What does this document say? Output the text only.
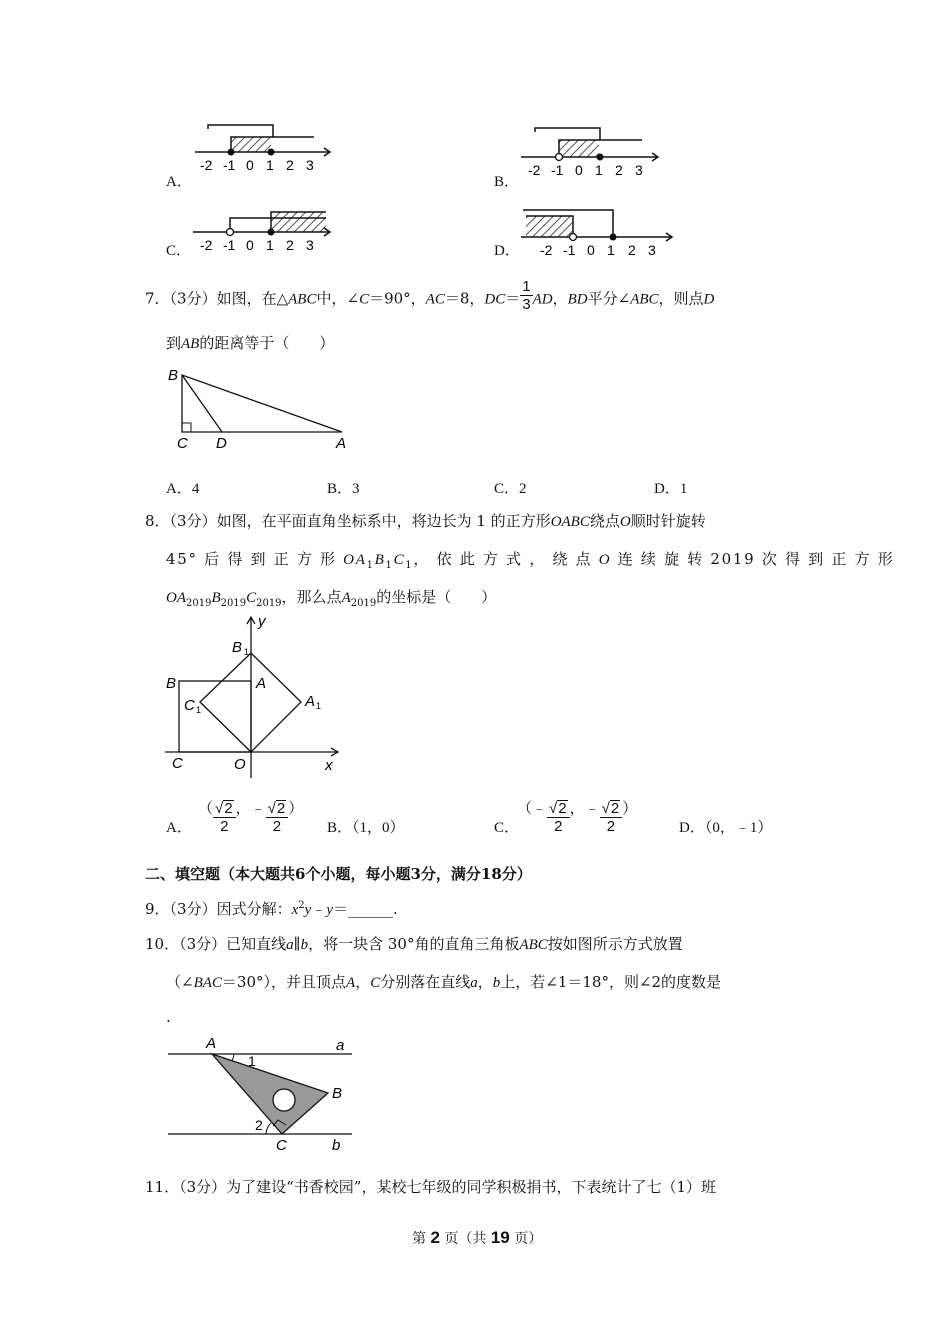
A．
-2 -1 0 1 2 3
B．
-2 -1 0 1 2 3
C． -2 -1 0 1 2 3	D． -2 -1 0 1 2 3
7．（3分）如图，在△ABC中，∠C＝90°，AC＝8，$DC= \frac{1}{3}$ AD，BD平分∠ABC，则点D
到AB的距离等于（　　）
B
C D	A
A．4	B．3	C．2	D．1
8．（3分）如图，在平面直角坐标系中，将边长为 1 的正方形OABC绕点O顺时针旋转
45° 后 得 到 正 方 形 $OA_1B_1C_1$， 依 此 方 式 ， 绕 点 O 连 续 旋 转 2019 次 得 到 正 方 形
$OA_{2019}B_{2019}C_{2019}$，那么点$A_{2019}$的坐标是（　　）
y
x
B 1
A
B
C 1	A 1
C	O
A．
（ $\frac{√2}{2}$ ，﹣ $\frac{√2}{2}$ ）
B．（1，0）	C．
（﹣ $\frac{√2}{2}$ ，﹣ $\frac{√2}{2}$ ）
D．（0，﹣1）
二、填空题（本大题共6个小题，每小题3分，满分18分）
9．（3分）因式分解：$x^2y﹣y=\_\_\_\_\_\_$.
10．（3分）已知直线a∥b，将一块含 30°角的直角三角板ABC按如图所示方式放置
（∠BAC＝30°），并且顶点A，C分别落在直线a，b上，若∠1＝18°，则∠2的度数是
.
A	a
1
B
2
C	b
11．（3分）为了建设“书香校园”，某校七年级的同学积极捐书，下表统计了七（1）班
第 2 页（共 19 页）
